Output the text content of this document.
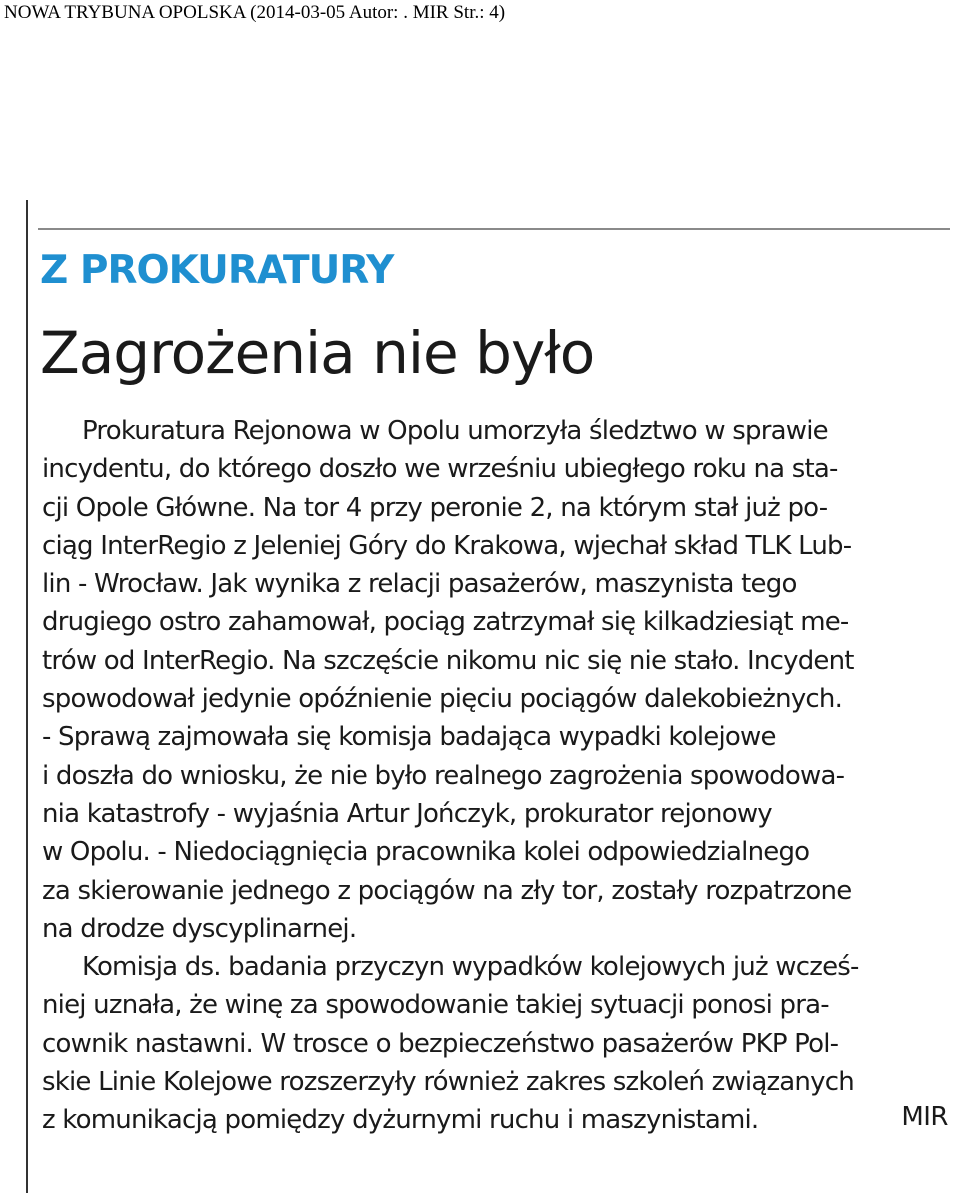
NOWA TRYBUNA OPOLSKA (2014-03-05 Autor: . MIR Str.: 4)
Z PROKURATURY
Zagrożenia nie było
Prokuratura Rejonowa w Opolu umorzyła śledztwo w sprawie
incydentu, do którego doszło we wrześniu ubiegłego roku na sta-
cji Opole Główne. Na tor 4 przy peronie 2, na którym stał już po-
ciąg InterRegio z Jeleniej Góry do Krakowa, wjechał skład TLK Lub-
lin - Wrocław. Jak wynika z relacji pasażerów, maszynista tego
drugiego ostro zahamował, pociąg zatrzymał się kilkadziesiąt me-
trów od InterRegio. Na szczęście nikomu nic się nie stało. Incydent
spowodował jedynie opóźnienie pięciu pociągów dalekobieżnych.
- Sprawą zajmowała się komisja badająca wypadki kolejowe
i doszła do wniosku, że nie było realnego zagrożenia spowodowa-
nia katastrofy - wyjaśnia Artur Jończyk, prokurator rejonowy
w Opolu. - Niedociągnięcia pracownika kolei odpowiedzialnego
za skierowanie jednego z pociągów na zły tor, zostały rozpatrzone
na drodze dyscyplinarnej.
Komisja ds. badania przyczyn wypadków kolejowych już wcześ-
niej uznała, że winę za spowodowanie takiej sytuacji ponosi pra-
cownik nastawni. W trosce o bezpieczeństwo pasażerów PKP Pol-
skie Linie Kolejowe rozszerzyły również zakres szkoleń związanych
z komunikacją pomiędzy dyżurnymi ruchu i maszynistami.	MIR
